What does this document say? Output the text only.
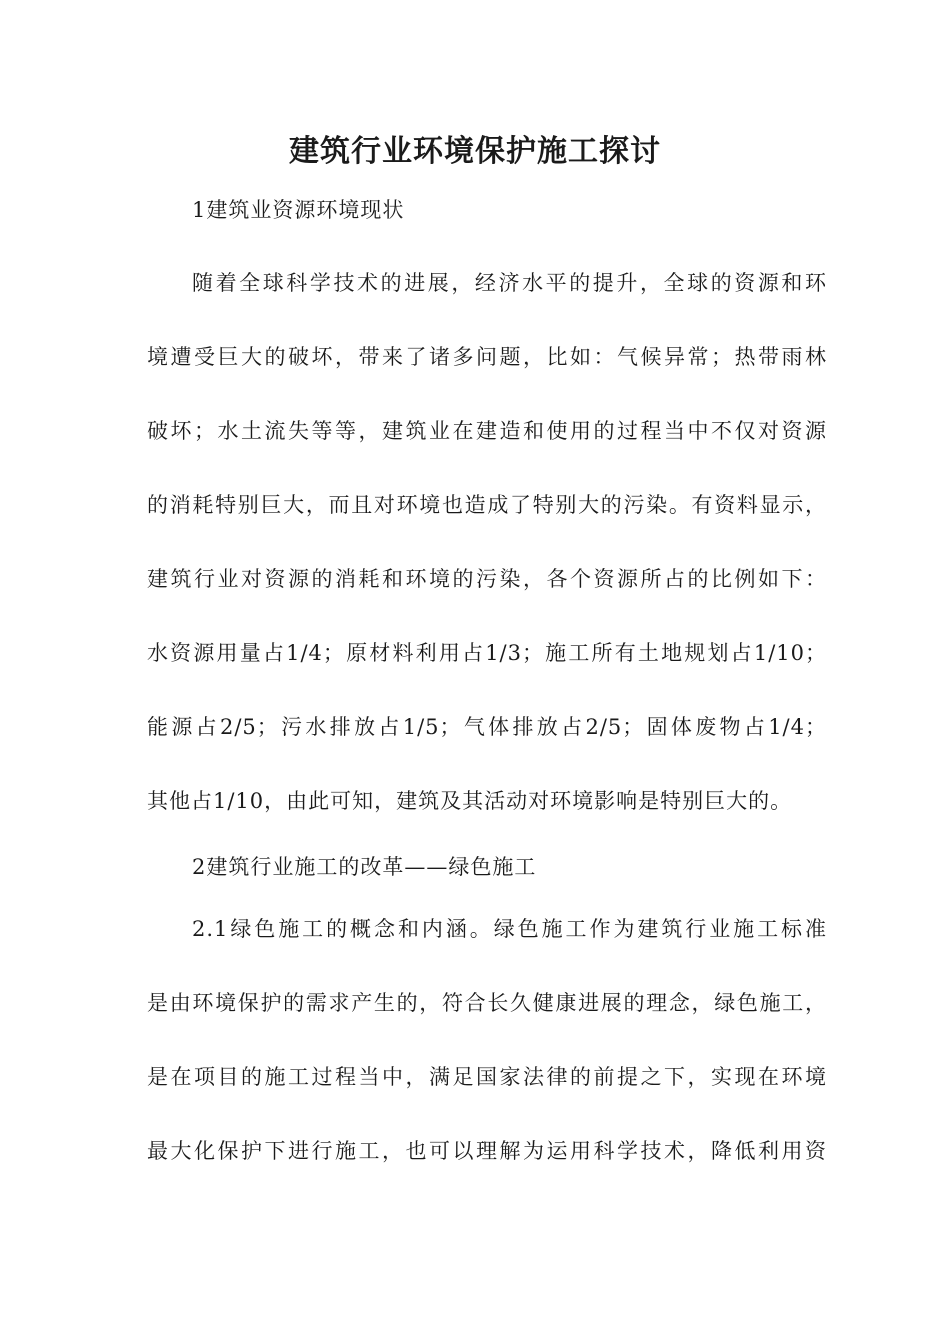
建筑行业环境保护施工探讨
1建筑业资源环境现状
随着全球科学技术的进展，经济水平的提升，全球的资源和环
境遭受巨大的破坏，带来了诸多问题，比如：气候异常；热带雨林
破坏；水土流失等等，建筑业在建造和使用的过程当中不仅对资源
的消耗特别巨大，而且对环境也造成了特别大的污染。有资料显示，
建筑行业对资源的消耗和环境的污染，各个资源所占的比例如下：
水资源用量占1/4；原材料利用占1/3；施工所有土地规划占1/10；
能源占2/5；污水排放占1/5；气体排放占2/5；固体废物占1/4；
其他占1/10，由此可知，建筑及其活动对环境影响是特别巨大的。
2建筑行业施工的改革——绿色施工
2.1绿色施工的概念和内涵。绿色施工作为建筑行业施工标准
是由环境保护的需求产生的，符合长久健康进展的理念，绿色施工，
是在项目的施工过程当中，满足国家法律的前提之下，实现在环境
最大化保护下进行施工，也可以理解为运用科学技术，降低利用资
